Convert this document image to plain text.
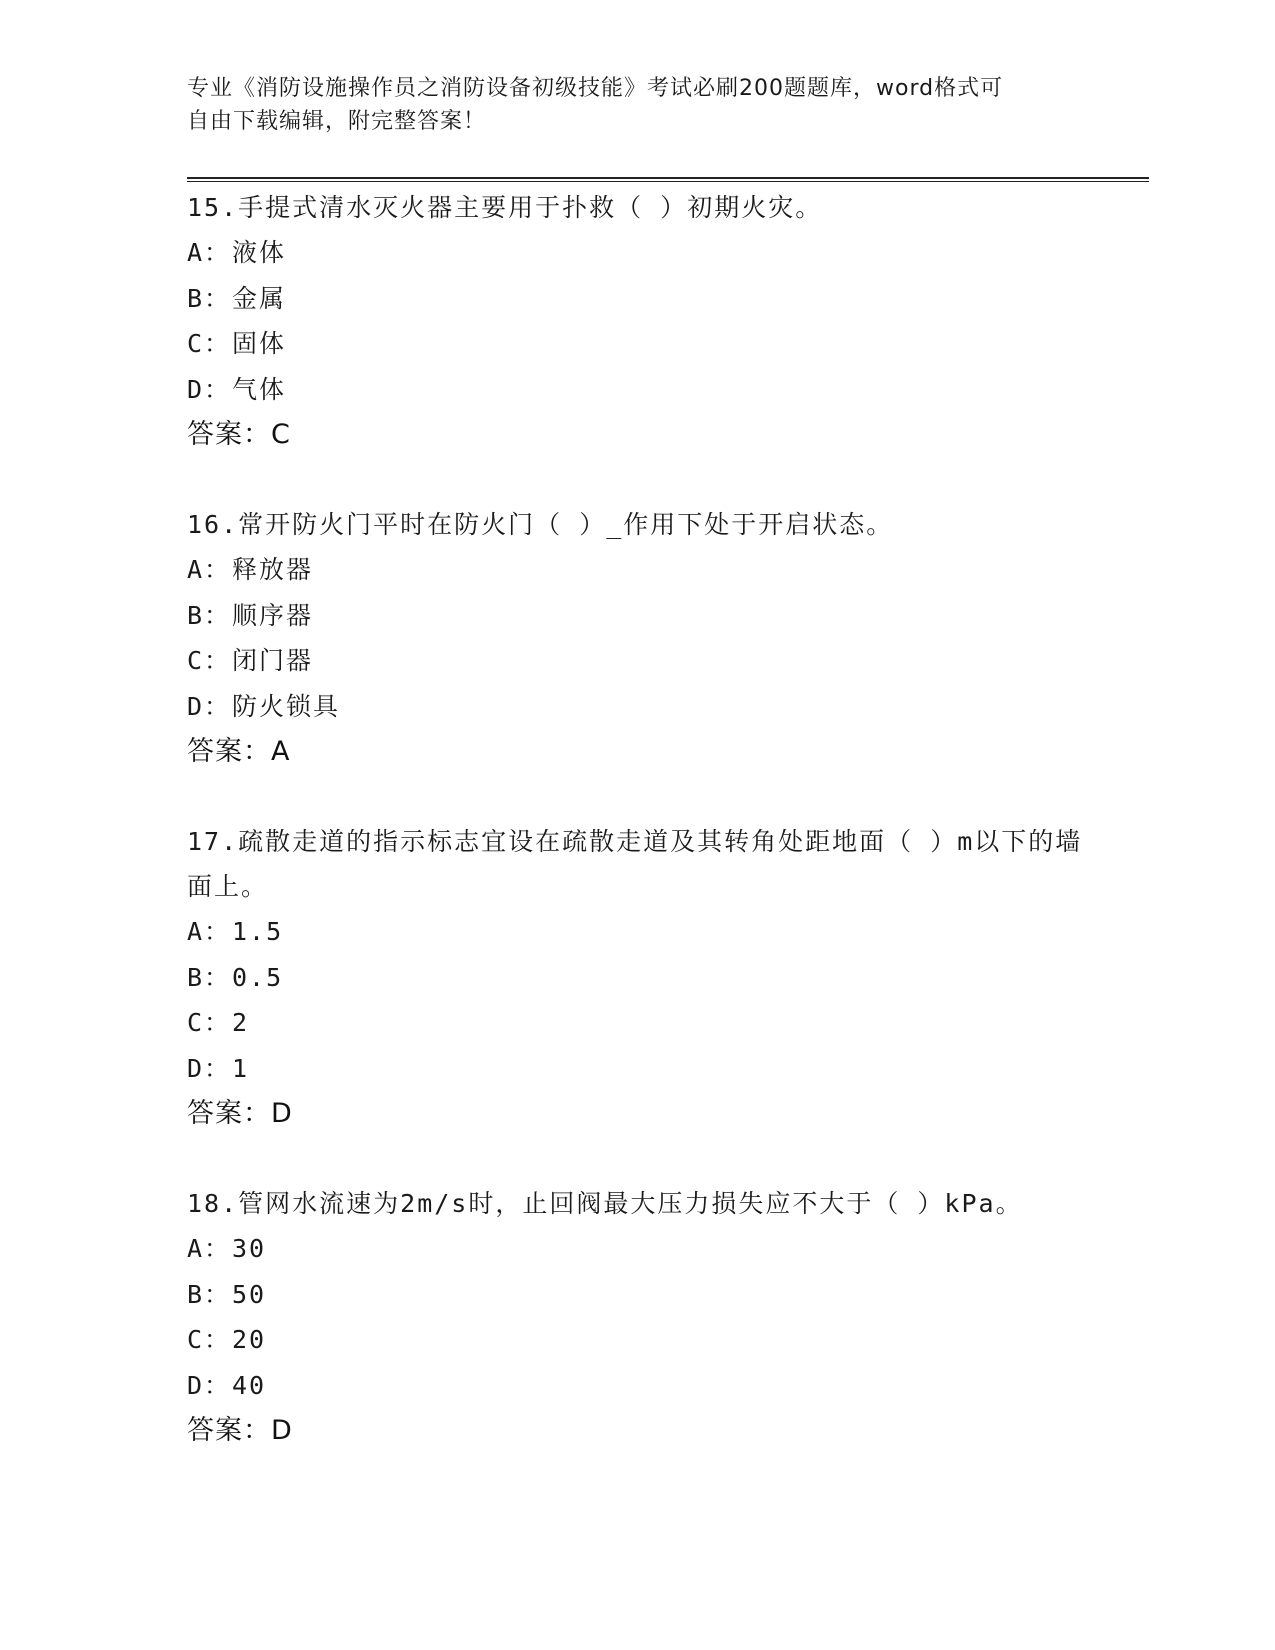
专业《消防设施操作员之消防设备初级技能》考试必刷200题题库，word格式可
自由下载编辑，附完整答案！

15.手提式清水灭火器主要用于扑救（ ）初期火灾。

A：液体

B：金属

C：固体

D：气体

答案：C

16.常开防火门平时在防火门（ ）_作用下处于开启状态。

A：释放器

B：顺序器

C：闭门器

D：防火锁具

答案：A

17.疏散走道的指示标志宜设在疏散走道及其转角处距地面（ ）m以下的墙面上。

A：1.5

B：0.5

C：2

D：1

答案：D

18.管网水流速为2m/s时，止回阀最大压力损失应不大于（ ）kPa。

A：30

B：50

C：20

D：40

答案：D
